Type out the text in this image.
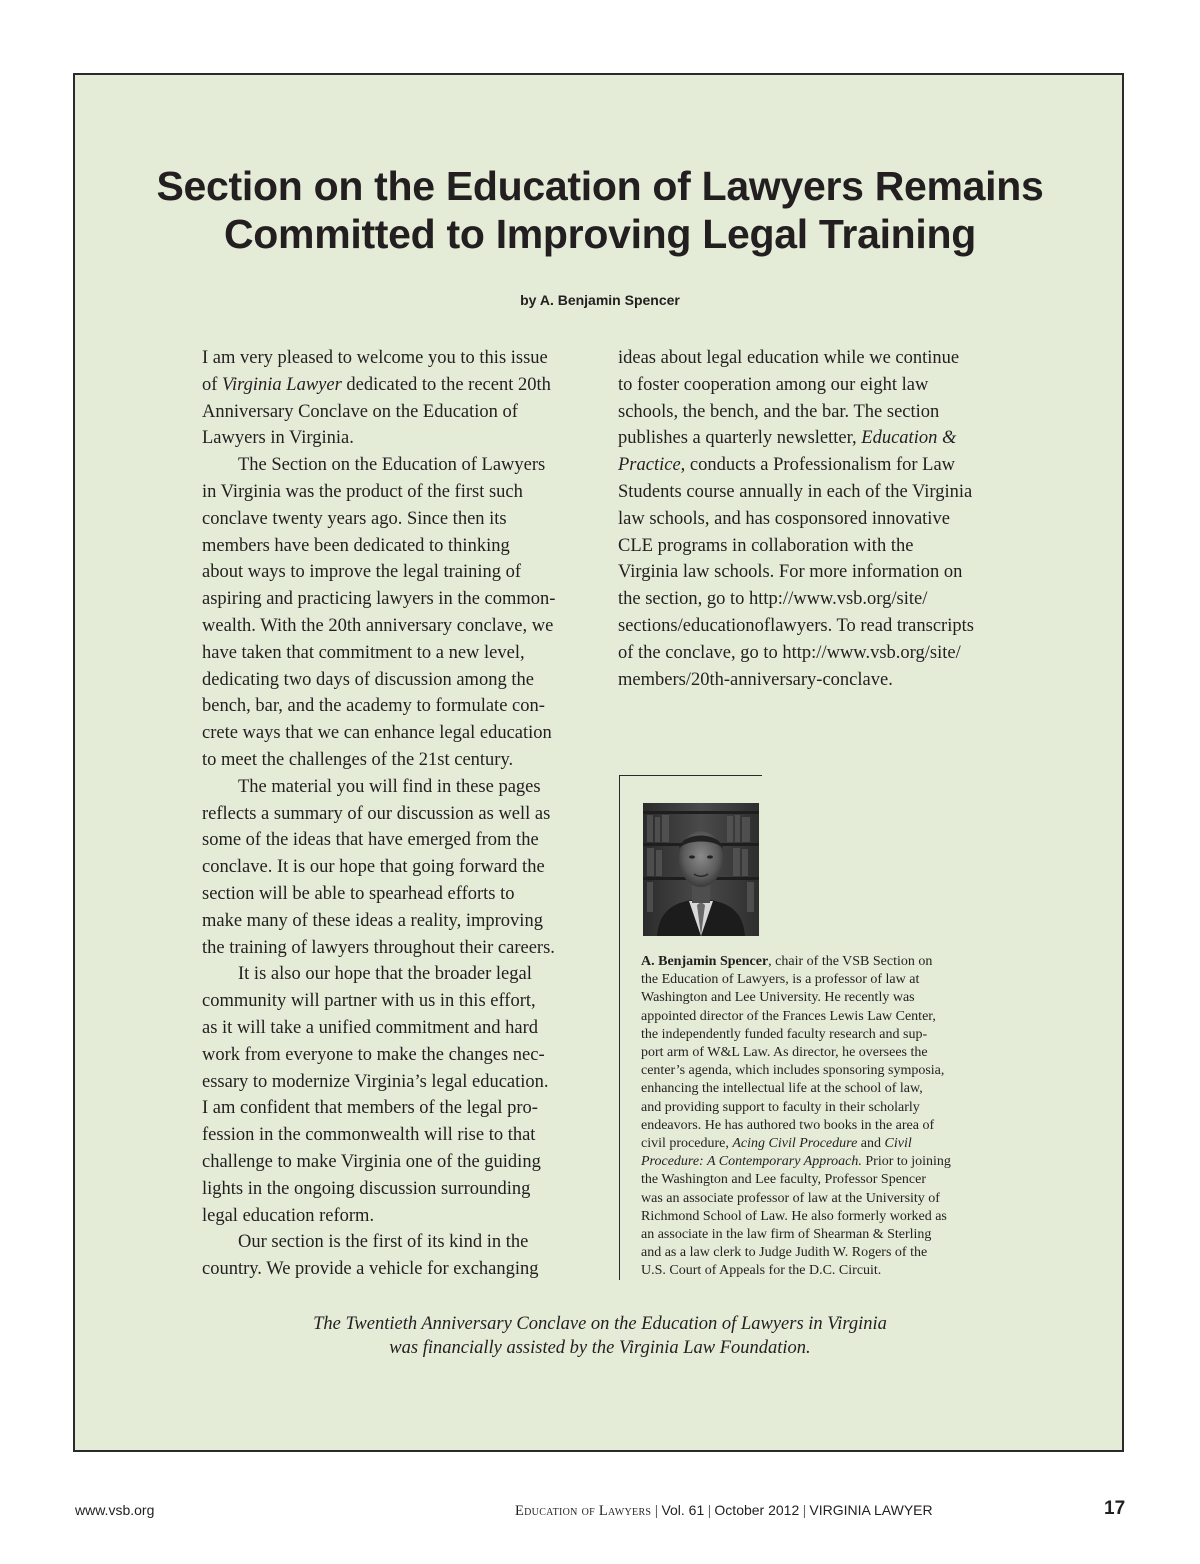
Section on the Education of Lawyers Remains
Committed to Improving Legal Training
by A. Benjamin Spencer

I am very pleased to welcome you to this issue
of Virginia Lawyer dedicated to the recent 20th
Anniversary Conclave on the Education of
Lawyers in Virginia.

The Section on the Education of Lawyers
in Virginia was the product of the first such
conclave twenty years ago. Since then its
members have been dedicated to thinking
about ways to improve the legal training of
aspiring and practicing lawyers in the common-
wealth. With the 20th anniversary conclave, we
have taken that commitment to a new level,
dedicating two days of discussion among the
bench, bar, and the academy to formulate con-
crete ways that we can enhance legal education
to meet the challenges of the 21st century.

The material you will find in these pages
reflects a summary of our discussion as well as
some of the ideas that have emerged from the
conclave. It is our hope that going forward the
section will be able to spearhead efforts to
make many of these ideas a reality, improving
the training of lawyers throughout their careers.

It is also our hope that the broader legal
community will partner with us in this effort,
as it will take a unified commitment and hard
work from everyone to make the changes nec-
essary to modernize Virginia’s legal education.
I am confident that members of the legal pro-
fession in the commonwealth will rise to that
challenge to make Virginia one of the guiding
lights in the ongoing discussion surrounding
legal education reform.

Our section is the first of its kind in the
country. We provide a vehicle for exchanging

ideas about legal education while we continue
to foster cooperation among our eight law
schools, the bench, and the bar. The section
publishes a quarterly newsletter, Education &
Practice, conducts a Professionalism for Law
Students course annually in each of the Virginia
law schools, and has cosponsored innovative
CLE programs in collaboration with the
Virginia law schools. For more information on
the section, go to http://www.vsb.org/site/
sections/educationoflawyers. To read transcripts
of the conclave, go to http://www.vsb.org/site/
members/20th-anniversary-conclave.
A. Benjamin Spencer, chair of the VSB Section on
the Education of Lawyers, is a professor of law at
Washington and Lee University. He recently was
appointed director of the Frances Lewis Law Center,
the independently funded faculty research and sup-
port arm of W&L Law. As director, he oversees the
center’s agenda, which includes sponsoring symposia,
enhancing the intellectual life at the school of law,
and providing support to faculty in their scholarly
endeavors. He has authored two books in the area of
civil procedure, Acing Civil Procedure and Civil
Procedure: A Contemporary Approach. Prior to joining
the Washington and Lee faculty, Professor Spencer
was an associate professor of law at the University of
Richmond School of Law. He also formerly worked as
an associate in the law firm of Shearman & Sterling
and as a law clerk to Judge Judith W. Rogers of the
U.S. Court of Appeals for the D.C. Circuit.
The Twentieth Anniversary Conclave on the Education of Lawyers in Virginia
was financially assisted by the Virginia Law Foundation.
www.vsb.org	Education of Lawyers | Vol. 61 | October 2012 | VIRGINIA LAWYER	17
